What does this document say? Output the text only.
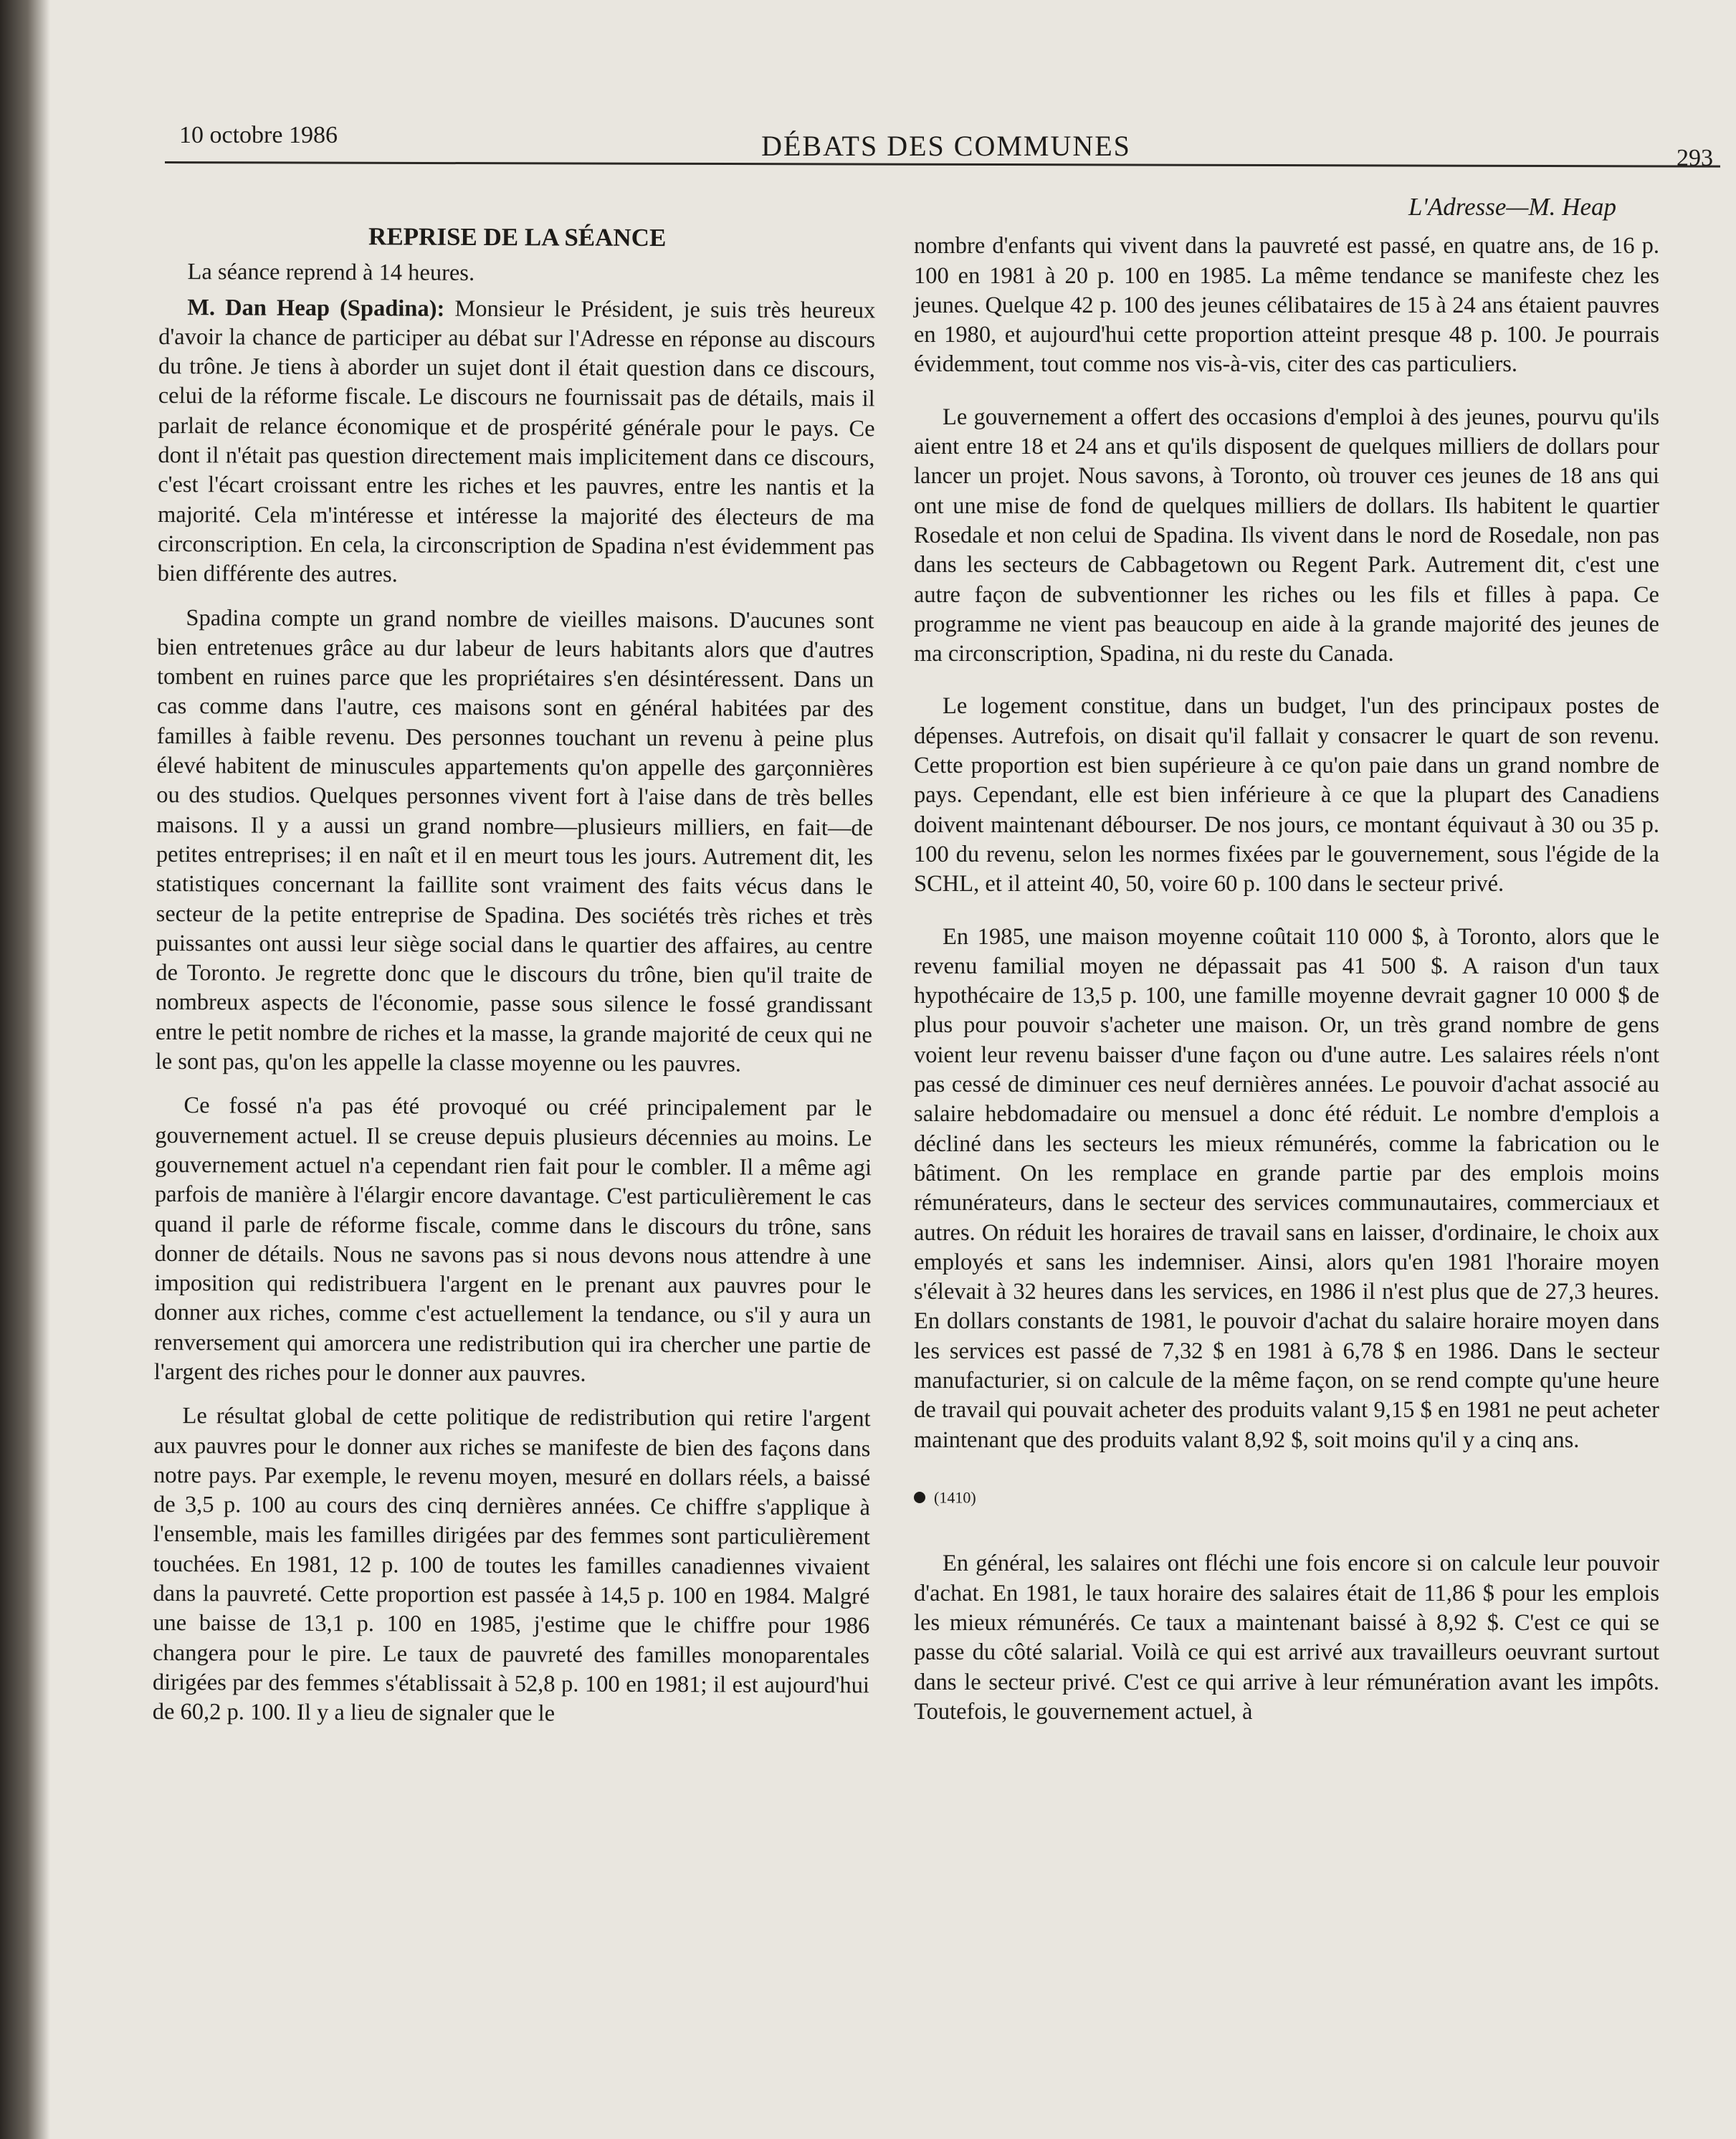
10 octobre 1986	DÉBATS DES COMMUNES	293
REPRISE DE LA SÉANCE

La séance reprend à 14 heures.

M. Dan Heap (Spadina): Monsieur le Président, je suis très heureux d'avoir la chance de participer au débat sur l'Adresse en réponse au discours du trône. Je tiens à aborder un sujet dont il était question dans ce discours, celui de la réforme fiscale. Le discours ne fournissait pas de détails, mais il parlait de relance économique et de prospérité générale pour le pays. Ce dont il n'était pas question directement mais implicitement dans ce discours, c'est l'écart croissant entre les riches et les pauvres, entre les nantis et la majorité. Cela m'intéresse et intéresse la majorité des électeurs de ma circonscription. En cela, la circonscription de Spadina n'est évidemment pas bien différente des autres.

Spadina compte un grand nombre de vieilles maisons. D'aucunes sont bien entretenues grâce au dur labeur de leurs habitants alors que d'autres tombent en ruines parce que les propriétaires s'en désintéressent. Dans un cas comme dans l'autre, ces maisons sont en général habitées par des familles à faible revenu. Des personnes touchant un revenu à peine plus élevé habitent de minuscules appartements qu'on appelle des garçonnières ou des studios. Quelques personnes vivent fort à l'aise dans de très belles maisons. Il y a aussi un grand nombre—plusieurs milliers, en fait—de petites entreprises; il en naît et il en meurt tous les jours. Autrement dit, les statistiques concernant la faillite sont vraiment des faits vécus dans le secteur de la petite entreprise de Spadina. Des sociétés très riches et très puissantes ont aussi leur siège social dans le quartier des affaires, au centre de Toronto. Je regrette donc que le discours du trône, bien qu'il traite de nombreux aspects de l'économie, passe sous silence le fossé grandissant entre le petit nombre de riches et la masse, la grande majorité de ceux qui ne le sont pas, qu'on les appelle la classe moyenne ou les pauvres.

Ce fossé n'a pas été provoqué ou créé principalement par le gouvernement actuel. Il se creuse depuis plusieurs décennies au moins. Le gouvernement actuel n'a cependant rien fait pour le combler. Il a même agi parfois de manière à l'élargir encore davantage. C'est particulièrement le cas quand il parle de réforme fiscale, comme dans le discours du trône, sans donner de détails. Nous ne savons pas si nous devons nous attendre à une imposition qui redistribuera l'argent en le prenant aux pauvres pour le donner aux riches, comme c'est actuellement la tendance, ou s'il y aura un renversement qui amorcera une redistribution qui ira chercher une partie de l'argent des riches pour le donner aux pauvres.

Le résultat global de cette politique de redistribution qui retire l'argent aux pauvres pour le donner aux riches se manifeste de bien des façons dans notre pays. Par exemple, le revenu moyen, mesuré en dollars réels, a baissé de 3,5 p. 100 au cours des cinq dernières années. Ce chiffre s'applique à l'ensemble, mais les familles dirigées par des femmes sont particulièrement touchées. En 1981, 12 p. 100 de toutes les familles canadiennes vivaient dans la pauvreté. Cette proportion est passée à 14,5 p. 100 en 1984. Malgré une baisse de 13,1 p. 100 en 1985, j'estime que le chiffre pour 1986 changera pour le pire. Le taux de pauvreté des familles monoparentales dirigées par des femmes s'établissait à 52,8 p. 100 en 1981; il est aujourd'hui de 60,2 p. 100. Il y a lieu de signaler que le

L'Adresse—M. Heap

nombre d'enfants qui vivent dans la pauvreté est passé, en quatre ans, de 16 p. 100 en 1981 à 20 p. 100 en 1985. La même tendance se manifeste chez les jeunes. Quelque 42 p. 100 des jeunes célibataires de 15 à 24 ans étaient pauvres en 1980, et aujourd'hui cette proportion atteint presque 48 p. 100. Je pourrais évidemment, tout comme nos vis-à-vis, citer des cas particuliers.

Le gouvernement a offert des occasions d'emploi à des jeunes, pourvu qu'ils aient entre 18 et 24 ans et qu'ils disposent de quelques milliers de dollars pour lancer un projet. Nous savons, à Toronto, où trouver ces jeunes de 18 ans qui ont une mise de fond de quelques milliers de dollars. Ils habitent le quartier Rosedale et non celui de Spadina. Ils vivent dans le nord de Rosedale, non pas dans les secteurs de Cabbagetown ou Regent Park. Autrement dit, c'est une autre façon de subventionner les riches ou les fils et filles à papa. Ce programme ne vient pas beaucoup en aide à la grande majorité des jeunes de ma circonscription, Spadina, ni du reste du Canada.

Le logement constitue, dans un budget, l'un des principaux postes de dépenses. Autrefois, on disait qu'il fallait y consacrer le quart de son revenu. Cette proportion est bien supérieure à ce qu'on paie dans un grand nombre de pays. Cependant, elle est bien inférieure à ce que la plupart des Canadiens doivent maintenant débourser. De nos jours, ce montant équivaut à 30 ou 35 p. 100 du revenu, selon les normes fixées par le gouvernement, sous l'égide de la SCHL, et il atteint 40, 50, voire 60 p. 100 dans le secteur privé.

En 1985, une maison moyenne coûtait 110 000 $, à Toronto, alors que le revenu familial moyen ne dépassait pas 41 500 $. A raison d'un taux hypothécaire de 13,5 p. 100, une famille moyenne devrait gagner 10 000 $ de plus pour pouvoir s'acheter une maison. Or, un très grand nombre de gens voient leur revenu baisser d'une façon ou d'une autre. Les salaires réels n'ont pas cessé de diminuer ces neuf dernières années. Le pouvoir d'achat associé au salaire hebdomadaire ou mensuel a donc été réduit. Le nombre d'emplois a décliné dans les secteurs les mieux rémunérés, comme la fabrication ou le bâtiment. On les remplace en grande partie par des emplois moins rémunérateurs, dans le secteur des services communautaires, commerciaux et autres. On réduit les horaires de travail sans en laisser, d'ordinaire, le choix aux employés et sans les indemniser. Ainsi, alors qu'en 1981 l'horaire moyen s'élevait à 32 heures dans les services, en 1986 il n'est plus que de 27,3 heures. En dollars constants de 1981, le pouvoir d'achat du salaire horaire moyen dans les services est passé de 7,32 $ en 1981 à 6,78 $ en 1986. Dans le secteur manufacturier, si on calcule de la même façon, on se rend compte qu'une heure de travail qui pouvait acheter des produits valant 9,15 $ en 1981 ne peut acheter maintenant que des produits valant 8,92 $, soit moins qu'il y a cinq ans.

(1410)

En général, les salaires ont fléchi une fois encore si on calcule leur pouvoir d'achat. En 1981, le taux horaire des salaires était de 11,86 $ pour les emplois les mieux rémunérés. Ce taux a maintenant baissé à 8,92 $. C'est ce qui se passe du côté salarial. Voilà ce qui est arrivé aux travailleurs oeuvrant surtout dans le secteur privé. C'est ce qui arrive à leur rémunération avant les impôts. Toutefois, le gouvernement actuel, à
